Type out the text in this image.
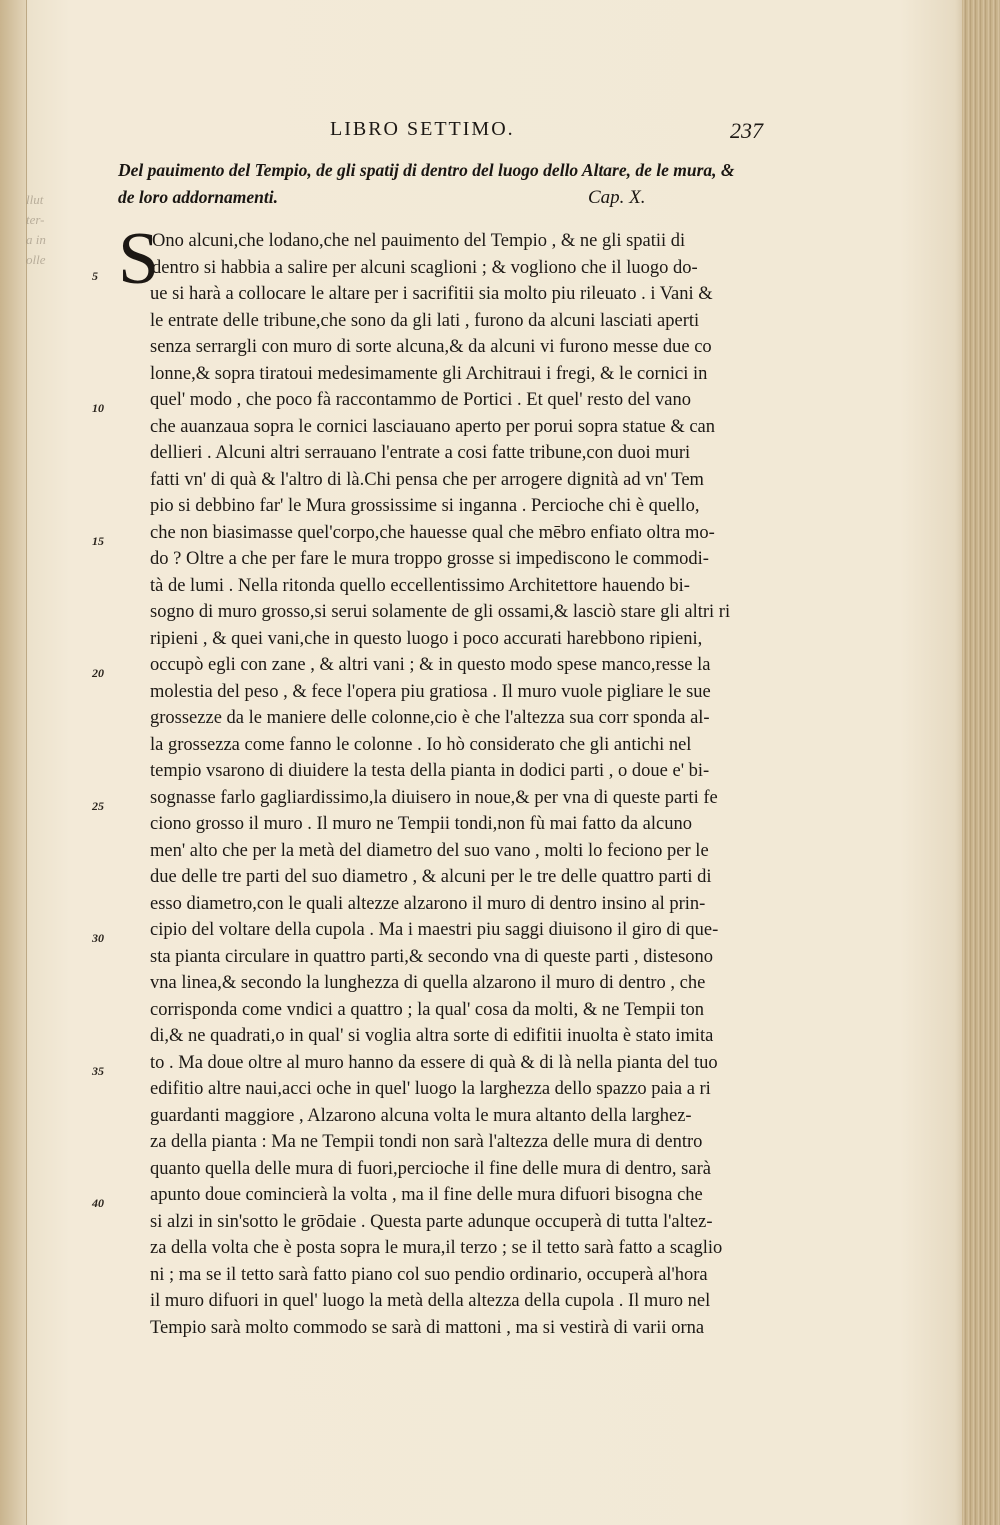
llut
ter-
a in
olle
LIBRO SETTIMO.	237
Del pauimento del Tempio, de gli spatij di dentro del luogo dello Altare, de le mura, &
de loro addornamenti.	Cap. X.
S
5
10
15
20
25
30
35
40
Ono alcuni,che lodano,che nel pauimento del Tempio , & ne gli spatii di
dentro si habbia a salire per alcuni scaglioni ; & vogliono che il luogo do-
ue si harà a collocare le altare per i sacrifitii sia molto piu rileuato . i Vani &
le entrate delle tribune,che sono da gli lati , furono da alcuni lasciati aperti
senza serrargli con muro di sorte alcuna,& da alcuni vi furono messe due co
lonne,& sopra tiratoui medesimamente gli Architraui i fregi, & le cornici in
quel' modo , che poco fà raccontammo de Portici . Et quel' resto del vano
che auanzaua sopra le cornici lasciauano aperto per porui sopra statue & can
dellieri . Alcuni altri serrauano l'entrate a cosi fatte tribune,con duoi muri
fatti vn' di quà & l'altro di là.Chi pensa che per arrogere dignità ad vn' Tem
pio si debbino far' le Mura grossissime si inganna . Percioche chi è quello,
che non biasimasse quel'corpo,che hauesse qual che mēbro enfiato oltra mo-
do ? Oltre a che per fare le mura troppo grosse si impediscono le commodi-
tà de lumi . Nella ritonda quello eccellentissimo Architettore hauendo bi-
sogno di muro grosso,si serui solamente de gli ossami,& lasciò stare gli altri ri
ripieni , & quei vani,che in questo luogo i poco accurati harebbono ripieni,
occupò egli con zane , & altri vani ; & in questo modo spese manco,resse la
molestia del peso , & fece l'opera piu gratiosa . Il muro vuole pigliare le sue
grossezze da le maniere delle colonne,cio è che l'altezza sua corr sponda al-
la grossezza come fanno le colonne . Io hò considerato che gli antichi nel
tempio vsarono di diuidere la testa della pianta in dodici parti , o doue e' bi-
sognasse farlo gagliardissimo,la diuisero in noue,& per vna di queste parti fe
ciono grosso il muro . Il muro ne Tempii tondi,non fù mai fatto da alcuno
men' alto che per la metà del diametro del suo vano , molti lo feciono per le
due delle tre parti del suo diametro , & alcuni per le tre delle quattro parti di
esso diametro,con le quali altezze alzarono il muro di dentro insino al prin-
cipio del voltare della cupola . Ma i maestri piu saggi diuisono il giro di que-
sta pianta circulare in quattro parti,& secondo vna di queste parti , distesono
vna linea,& secondo la lunghezza di quella alzarono il muro di dentro , che
corrisponda come vndici a quattro ; la qual' cosa da molti, & ne Tempii ton
di,& ne quadrati,o in qual' si voglia altra sorte di edifitii inuolta è stato imita
to . Ma doue oltre al muro hanno da essere di quà & di là nella pianta del tuo
edifitio altre naui,acci oche in quel' luogo la larghezza dello spazzo paia a ri
guardanti maggiore , Alzarono alcuna volta le mura altanto della larghez-
za della pianta : Ma ne Tempii tondi non sarà l'altezza delle mura di dentro
quanto quella delle mura di fuori,percioche il fine delle mura di dentro, sarà
apunto doue comincierà la volta , ma il fine delle mura difuori bisogna che
si alzi in sin'sotto le grōdaie . Questa parte adunque occuperà di tutta l'altez-
za della volta che è posta sopra le mura,il terzo ; se il tetto sarà fatto a scaglio
ni ; ma se il tetto sarà fatto piano col suo pendio ordinario, occuperà al'hora
il muro difuori in quel' luogo la metà della altezza della cupola . Il muro nel
Tempio sarà molto commodo se sarà di mattoni , ma si vestirà di varii orna
